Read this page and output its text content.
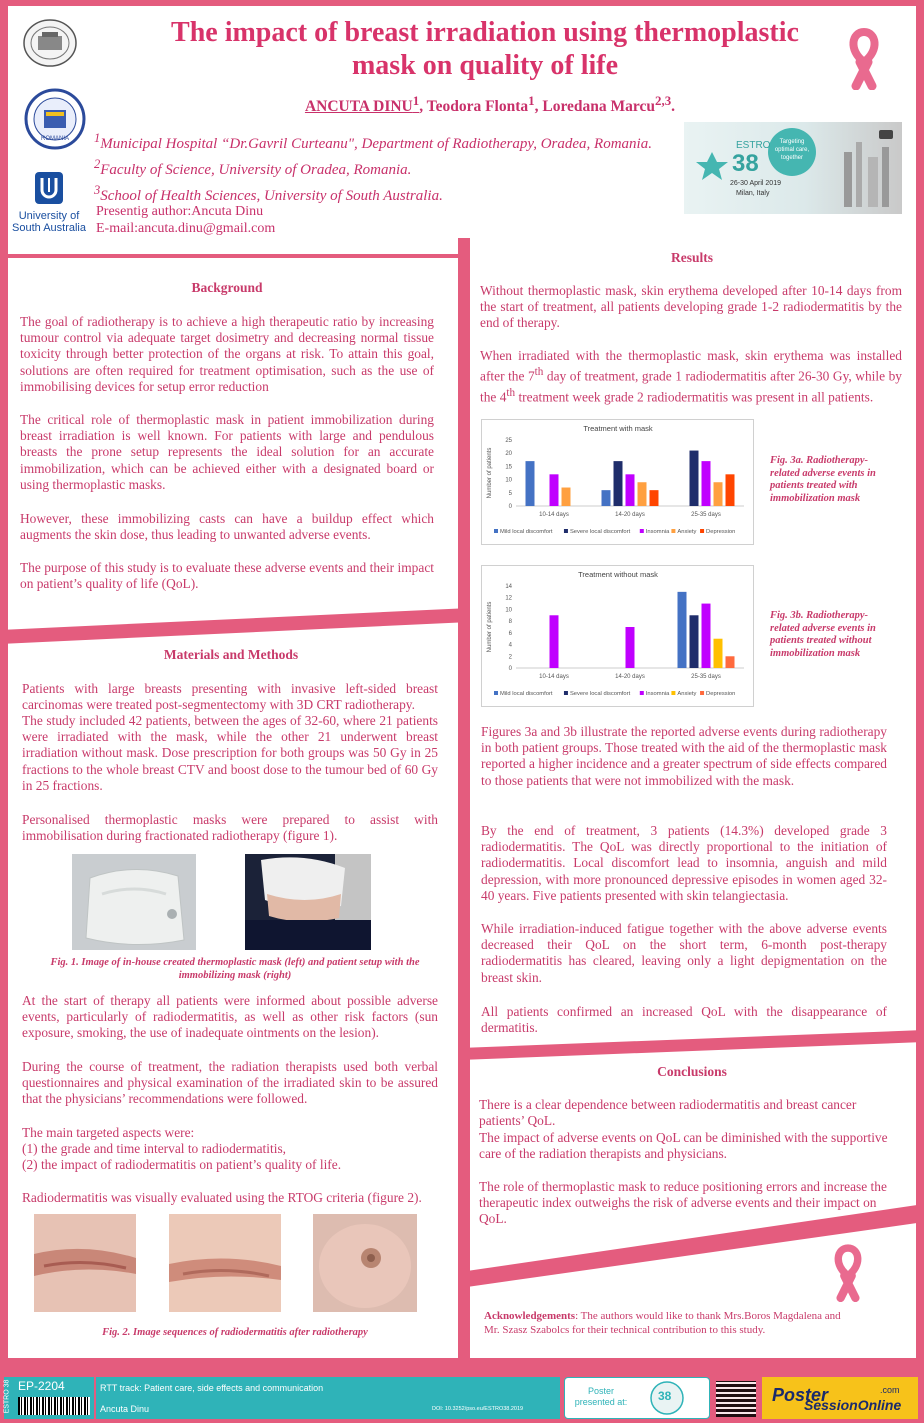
ROMANIA
University of
South Australia
The impact of breast irradiation using thermoplastic
mask on quality of life
ANCUTA DINU$^1$, Teodora Flonta$^1$, Loredana Marcu$^{2,3}$.
$^1$Municipal Hospital “Dr.Gavril Curteanu", Department of Radiotherapy, Oradea, Romania.
$^2$Faculty of Science, University of Oradea, Romania.
$^3$School of Health Sciences, University of South Australia.
Presentig author:Ancuta Dinu
E-mail:ancuta.dinu@gmail.com
ESTRO
38
26-30 April 2019
Milan, Italy
Targeting optimal care, together
Background
The goal of radiotherapy is to achieve a high therapeutic ratio by increasing tumour control via adequate target dosimetry and decreasing normal tissue toxicity through better protection of the organs at risk. To attain this goal, solutions are often required for treatment optimisation, such as the use of immobilising devices for setup error reduction
The critical role of thermoplastic mask in patient immobilization during breast irradiation is well known. For patients with large and pendulous breasts the prone setup represents the ideal solution for an accurate immobilization, which can be achieved either with a designated board or using thermoplastic masks.
However, these immobilizing casts can have a buildup effect which augments the skin dose, thus leading to unwanted adverse events.
The purpose of this study is to evaluate these adverse events and their impact on patient’s quality of life (QoL).
Materials and Methods
Patients with large breasts presenting with invasive left-sided breast carcinomas were treated post-segmentectomy with 3D CRT radiotherapy.
The study included 42 patients, between the ages of 32-60, where 21 patients were irradiated with the mask, while the other 21 underwent breast irradiation without mask. Dose prescription for both groups was 50 Gy in 25 fractions to the whole breast CTV and boost dose to the tumour bed of 60 Gy in 25 fractions.
Personalised thermoplastic masks were prepared to assist with immobilisation during fractionated radiotherapy (figure 1).
Fig. 1. Image of in-house created thermoplastic mask (left) and patient setup with the immobilizing mask (right)
At the start of therapy all patients were informed about possible adverse events, particularly of radiodermatitis, as well as other risk factors (sun exposure, smoking, the use of inadequate ointments on the lesion).
During the course of treatment, the radiation therapists used both verbal questionnaires and physical examination of the irradiated skin to be assured that the physicians’ recommendations were followed.
The main targeted aspects were:
(1) the grade and time interval to radiodermatitis,
(2) the impact of radiodermatitis on patient’s quality of life.
Radiodermatitis was visually evaluated using the RTOG criteria (figure 2).
Fig. 2. Image sequences of radiodermatitis after radiotherapy
Results
Without thermoplastic mask, skin erythema developed after 10-14 days from the start of treatment, all patients developing grade 1-2 radiodermatitis by the end of therapy.
When irradiated with the thermoplastic mask, skin erythema was installed after the 7th day of treatment, grade 1 radiodermatitis after 26-30 Gy, while by the 4th treatment week grade 2 radiodermatitis was present in all patients.
Treatment with mask
Number of patients
0
5
10
15
20
25
10-14 days	14-20 days	25-35 days
Mild local discomfort	Severe local discomfort	Insomnia Anxiety Depression
Fig. 3a. Radiotherapy-related adverse events in patients treated with immobilization mask
Treatment without mask
Number of patients
0
2
4
6
8
10
12
14
10-14 days	14-20 days	25-35 days
Mild local discomfort	Severe local discomfort	Insomnia Anxiety Depression
Fig. 3b. Radiotherapy-related adverse events in patients treated without immobilization mask
Figures 3a and 3b illustrate the reported adverse events during radiotherapy in both patient groups. Those treated with the aid of the thermoplastic mask reported a higher incidence and a greater spectrum of side effects compared to those patients that were not immobilized with the mask.
By the end of treatment, 3 patients (14.3%) developed grade 3 radiodermatitis. The QoL was directly proportional to the initiation of radiodermatitis. Local discomfort lead to insomnia, anguish and mild depression, with more pronounced depressive episodes in women aged 32-40 years. Five patients presented with skin telangiectasia.
While irradiation-induced fatigue together with the above adverse events decreased their QoL on the short term, 6-month post-therapy radiodermatitis has cleared, leaving only a light depigmentation on the breast skin.
All patients confirmed an increased QoL with the disappearance of dermatitis.
Conclusions
There is a clear dependence between radiodermatitis and breast cancer patients’ QoL.
The impact of adverse events on QoL can be diminished with the supportive care of the radiation therapists and physicians.
The role of thermoplastic mask to reduce positioning errors and increase the therapeutic index outweighs the risk of adverse events and their impact on QoL.
Acknowledgements: The authors would like to thank Mrs.Boros Magdalena and Mr. Szasz Szabolcs for their technical contribution to this study.
EP-2204
ESTRO 38	RTT track: Patient care, side effects and communication
Ancuta Dinu	DOI: 10.3252/pso.eu/ESTRO38.2019
Poster
presented at:	38	Poster
SessionOnline
.com
